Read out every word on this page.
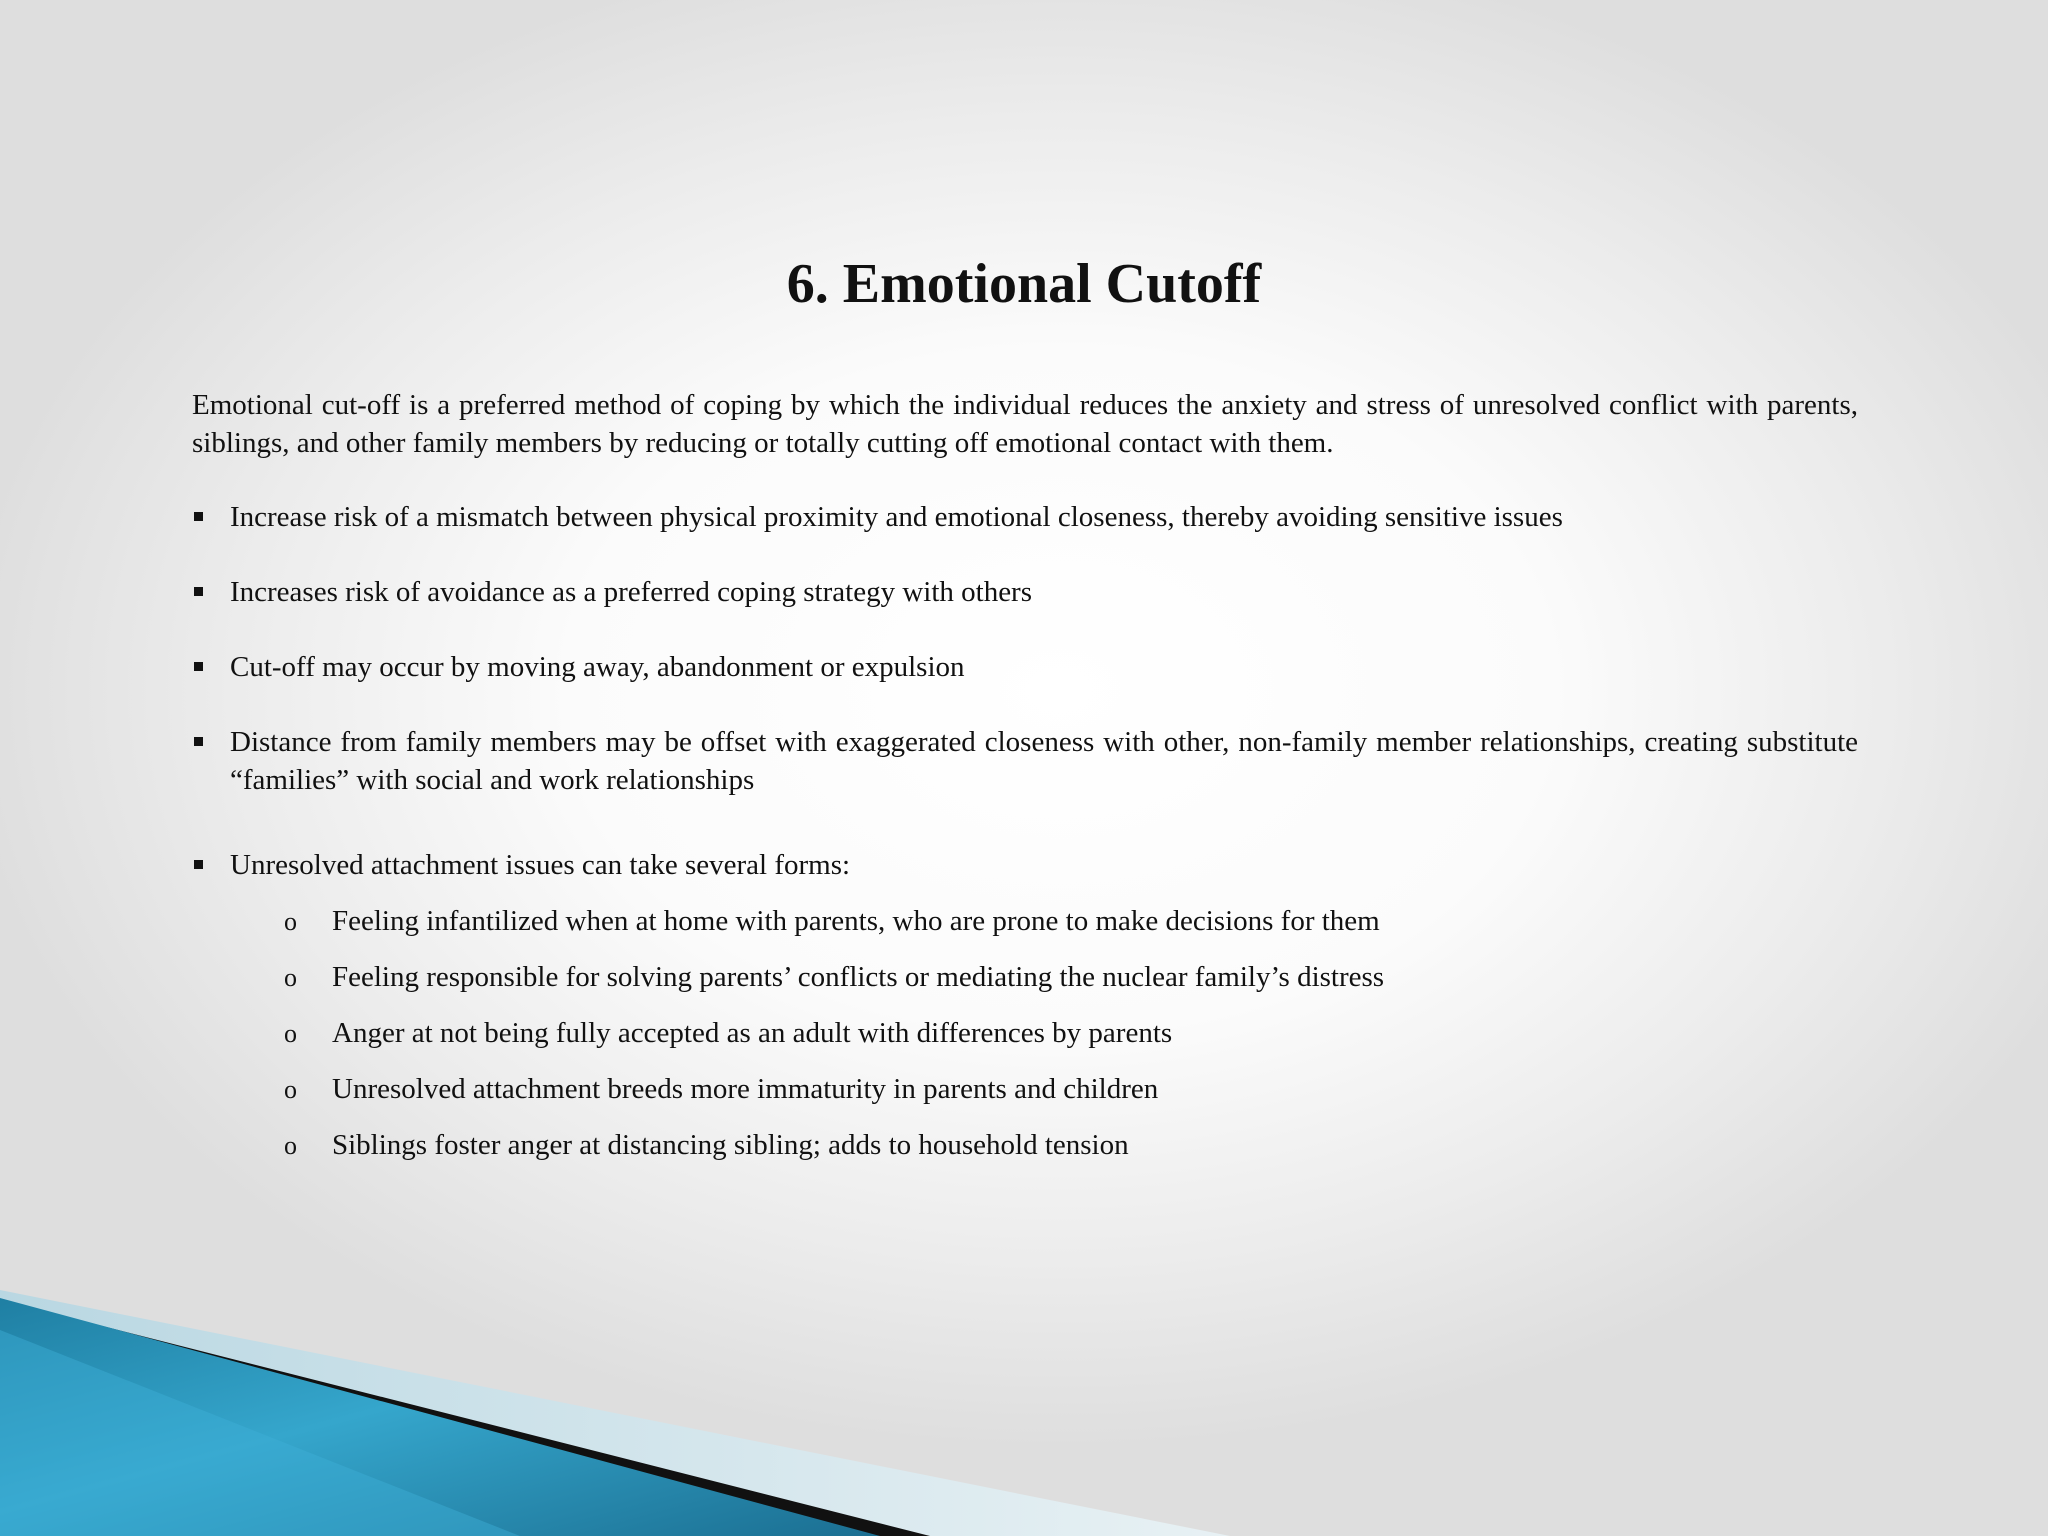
6. Emotional Cutoff

Emotional cut-off is a preferred method of coping by which the individual reduces the anxiety and stress of unresolved conflict with parents, siblings, and other family members by reducing or totally cutting off emotional contact with them.

Increase risk of a mismatch between physical proximity and emotional closeness, thereby avoiding sensitive issues
Increases risk of avoidance as a preferred coping strategy with others
Cut-off may occur by moving away, abandonment or expulsion
Distance from family members may be offset with exaggerated closeness with other, non-family member relationships, creating substitute “families” with social and work relationships
Unresolved attachment issues can take several forms:
o Feeling infantilized when at home with parents, who are prone to make decisions for them
o Feeling responsible for solving parents’ conflicts or mediating the nuclear family’s distress
o Anger at not being fully accepted as an adult with differences by parents
o Unresolved attachment breeds more immaturity in parents and children
o Siblings foster anger at distancing sibling; adds to household tension
